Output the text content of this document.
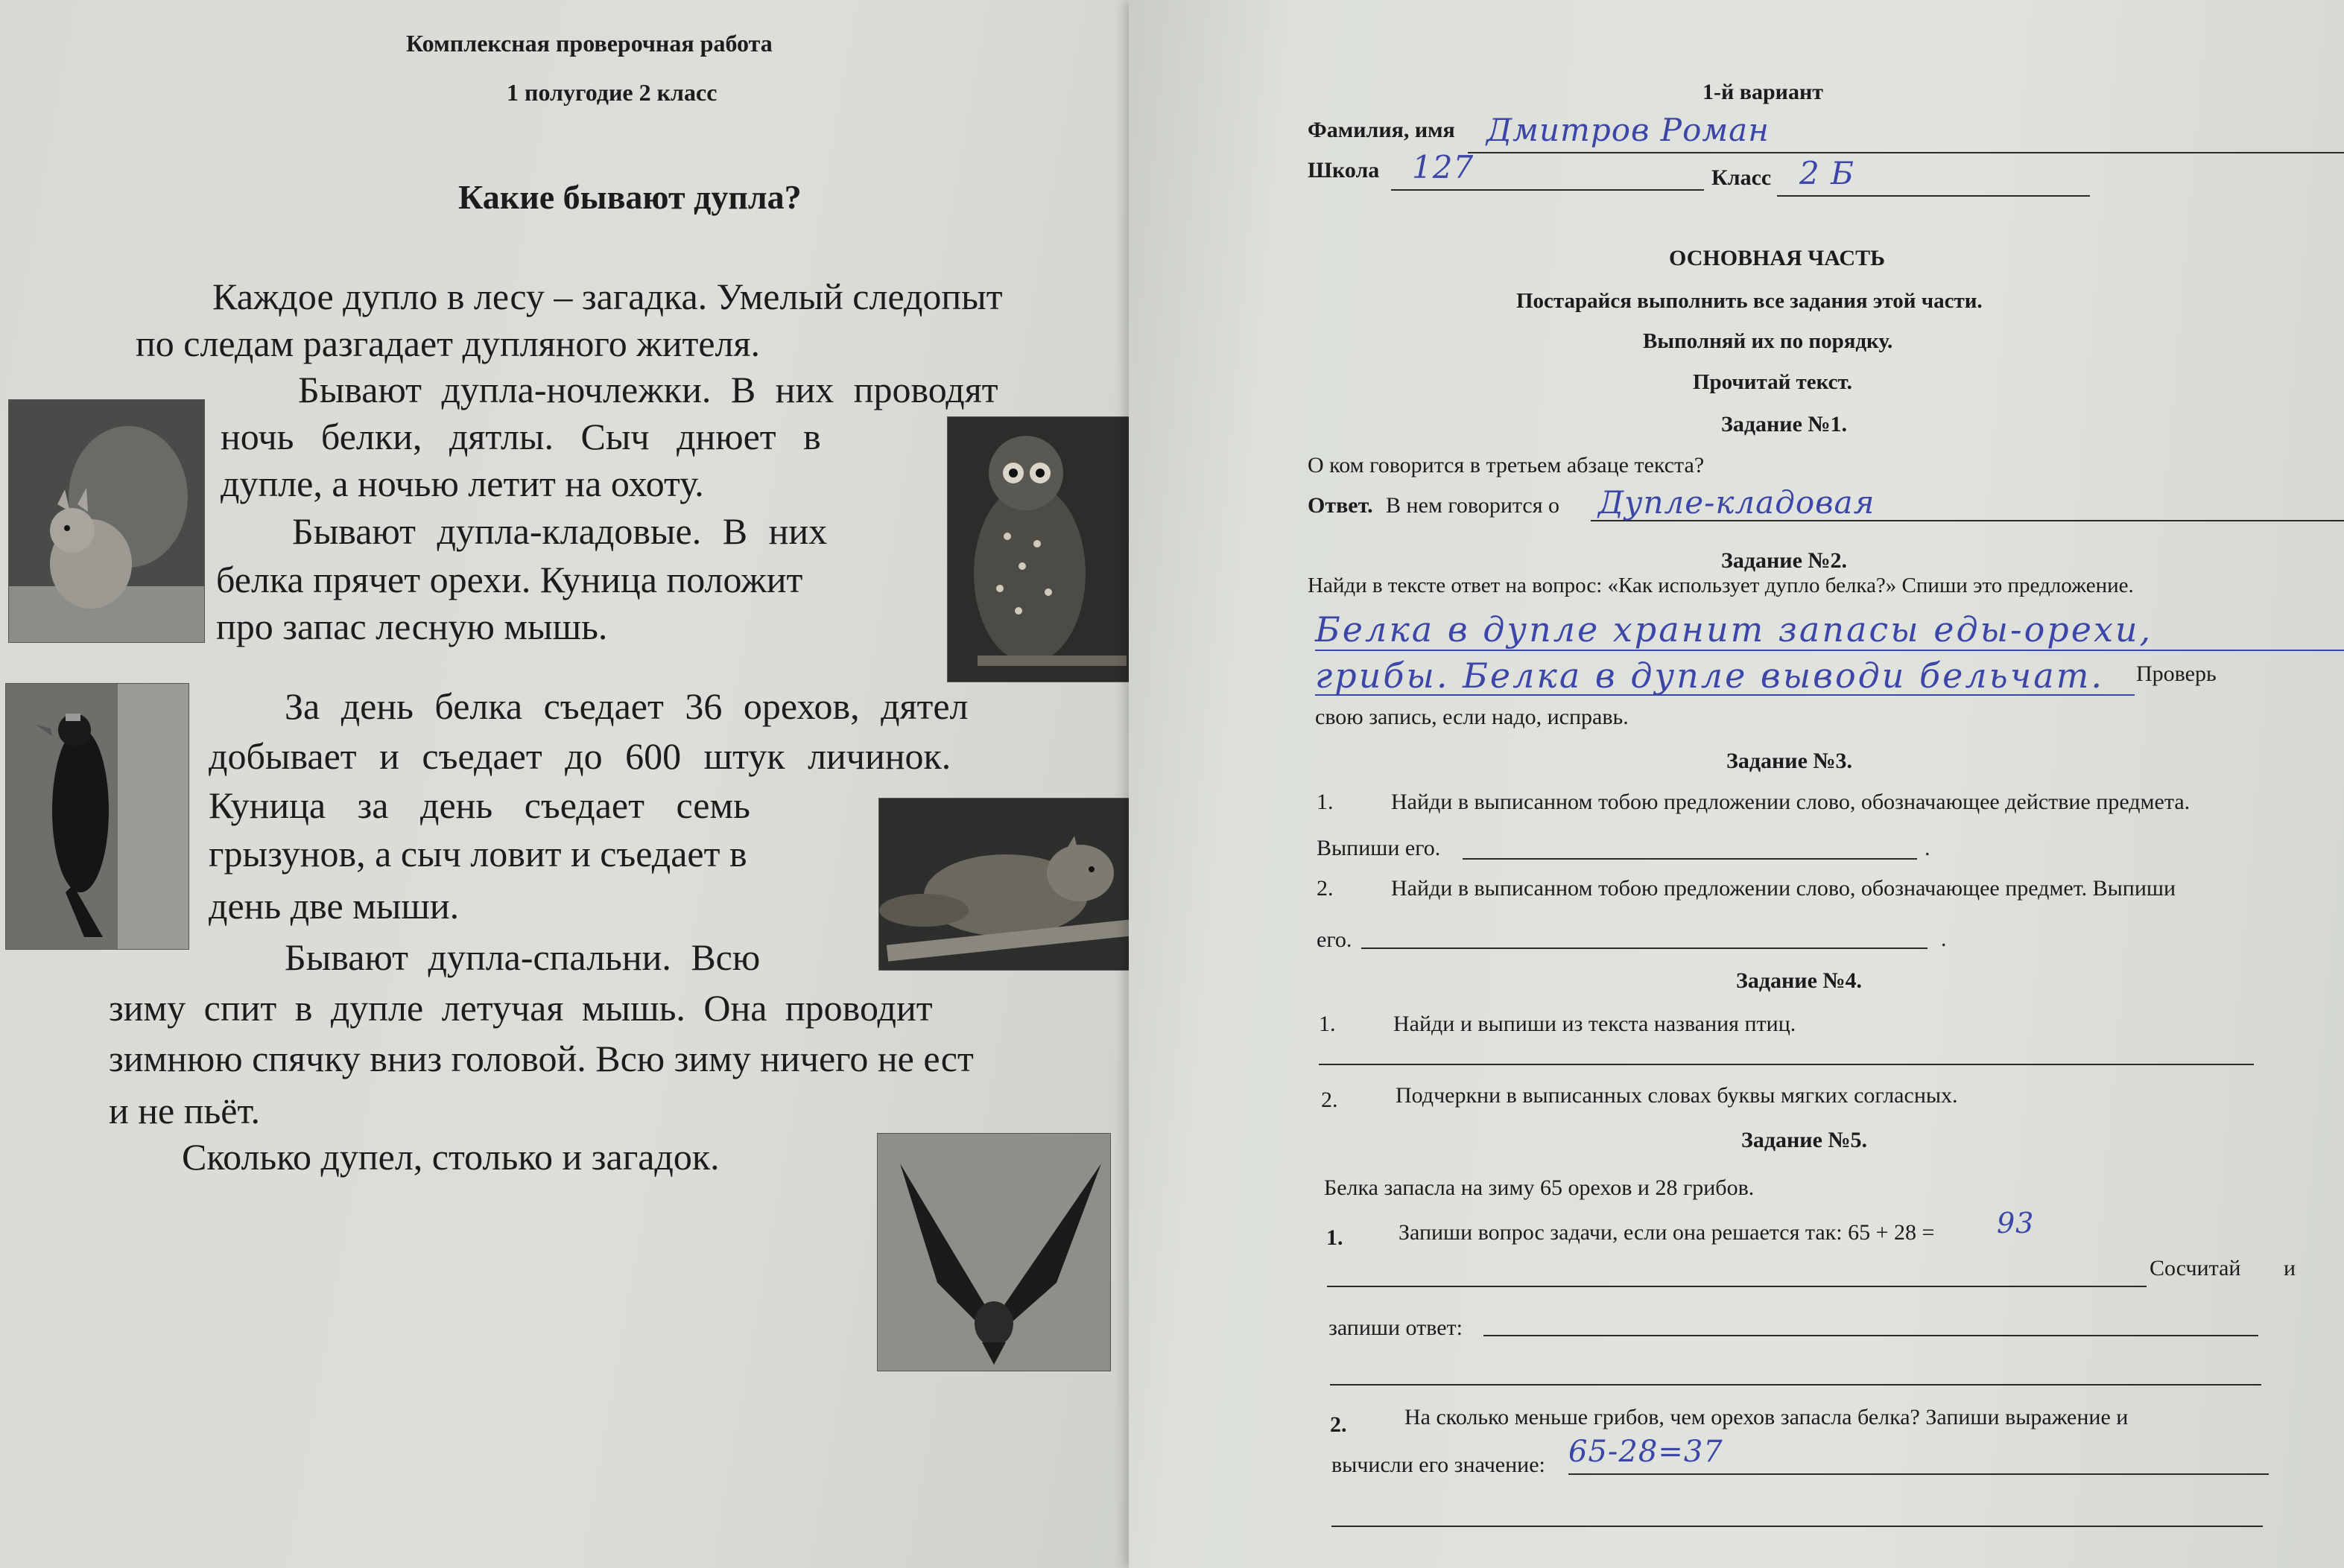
Комплексная проверочная работа
1 полугодие 2 класс
Какие бывают дупла?
Каждое дупло в лесу – загадка. Умелый следопыт
по следам разгадает дупляного жителя.
Бывают дупла-ночлежки. В них проводят
ночь белки, дятлы. Сыч днюет в
дупле, а ночью летит на охоту.
Бывают дупла-кладовые. В них
белка прячет орехи. Куница положит
про запас лесную мышь.
За день белка съедает 36 орехов, дятел
добывает и съедает до 600 штук личинок.
Куница за день съедает семь
грызунов, а сыч ловит и съедает в
день две мыши.
Бывают дупла-спальни. Всю
зиму спит в дупле летучая мышь. Она проводит
зимнюю спячку вниз головой. Всю зиму ничего не ест
и не пьёт.
Сколько дупел, столько и загадок.
1-й вариант
Фамилия, имя Дмитров Роман
Школа 127	Класс 2 Б
ОСНОВНАЯ ЧАСТЬ
Постарайся выполнить все задания этой части.
Выполняй их по порядку.
Прочитай текст.
Задание №1.
О ком говорится в третьем абзаце текста?
Ответ. В нем говорится о Дупле-кладовая
Задание №2.
Найди в тексте ответ на вопрос: «Как использует дупло белка?» Спиши это предложение.
Белка в дупле хранит запасы еды-орехи,
грибы. Белка в дупле выводи бельчат. Проверь
свою запись, если надо, исправь.
Задание №3.
1.	Найди в выписанном тобою предложении слово, обозначающее действие предмета.
Выпиши его.	.
2.	Найди в выписанном тобою предложении слово, обозначающее предмет. Выпиши
его.	.
Задание №4.
1.	Найди и выпиши из текста названия птиц.
2.	Подчеркни в выписанных словах буквы мягких согласных.
Задание №5.
Белка запасла на зиму 65 орехов и 28 грибов.
1. Запиши вопрос задачи, если она решается так: 65 + 28 = 93
Сосчитай и
запиши ответ:
2.	На сколько меньше грибов, чем орехов запасла белка? Запиши выражение и
вычисли его значение: 65-28=37
